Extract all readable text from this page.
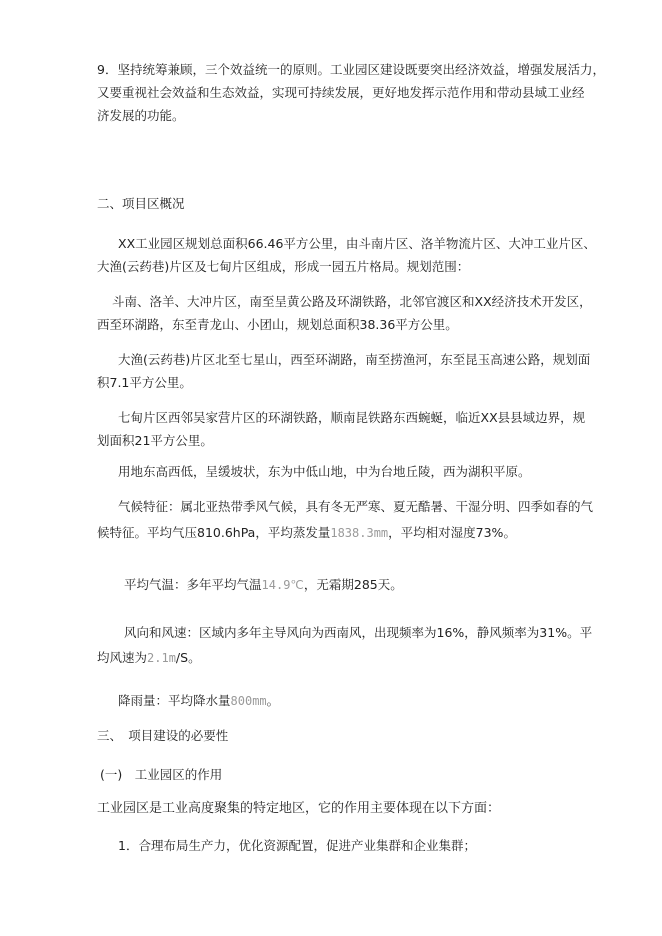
9．坚持统筹兼顾，三个效益统一的原则。工业园区建设既要突出经济效益，增强发展活力，

又要重视社会效益和生态效益，实现可持续发展，更好地发挥示范作用和带动县域工业经

济发展的功能。

二、项目区概况

XX工业园区规划总面积66.46平方公里，由斗南片区、洛羊物流片区、大冲工业片区、

大渔(云药巷)片区及七甸片区组成，形成一园五片格局。规划范围：

斗南、洛羊、大冲片区，南至呈黄公路及环湖铁路，北邻官渡区和XX经济技术开发区，

西至环湖路，东至青龙山、小团山，规划总面积38.36平方公里。

大渔(云药巷)片区北至七星山，西至环湖路，南至捞渔河，东至昆玉高速公路，规划面

积7.1平方公里。

七甸片区西邻吴家营片区的环湖铁路，顺南昆铁路东西蜿蜒，临近XX县县域边界，规

划面积21平方公里。

用地东高西低，呈缓坡状，东为中低山地，中为台地丘陵，西为湖积平原。

气候特征：属北亚热带季风气候，具有冬无严寒、夏无酷暑、干湿分明、四季如春的气

候特征。平均气压810.6hPa，平均蒸发量1838.3mm，平均相对湿度73%。

平均气温：多年平均气温14.9℃，无霜期285天。

风向和风速：区域内多年主导风向为西南风，出现频率为16%，静风频率为31%。平

均风速为2.1m/S。

降雨量：平均降水量800mm。

三、　项目建设的必要性

(一)　工业园区的作用

工业园区是工业高度聚集的特定地区，它的作用主要体现在以下方面：

1．合理布局生产力，优化资源配置，促进产业集群和企业集群；
